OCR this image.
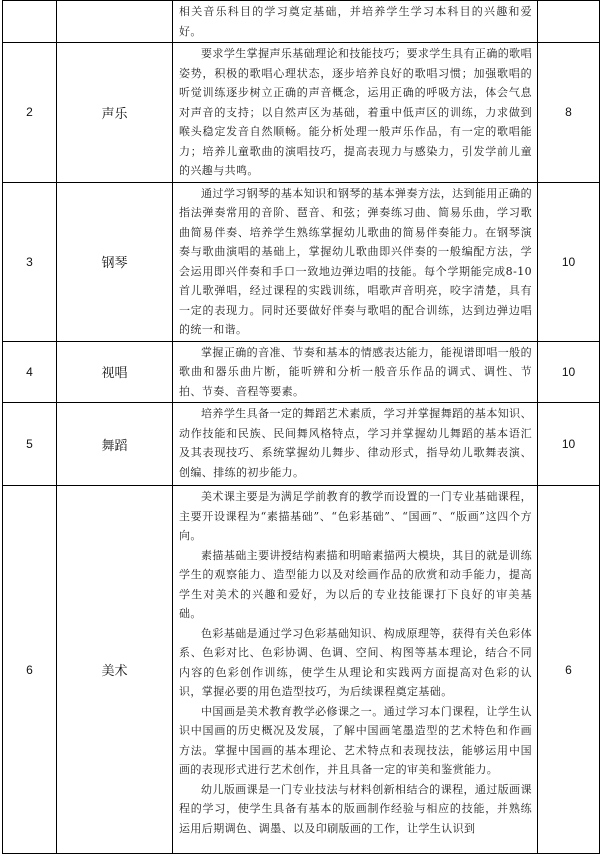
		相关音乐科目的学习奠定基础，并培养学生学习本科目的兴趣和爱好。	

2	声乐	要求学生掌握声乐基础理论和技能技巧；要求学生具有正确的歌唱姿势，积极的歌唱心理状态，逐步培养良好的歌唱习惯；加强歌唱的听觉训练逐步树立正确的声音概念，运用正确的呼吸方法，体会气息对声音的支持；以自然声区为基础，着重中低声区的训练，力求做到喉头稳定发音自然顺畅。能分析处理一般声乐作品，有一定的歌唱能力；培养儿童歌曲的演唱技巧，提高表现力与感染力，引发学前儿童的兴趣与共鸣。	8
3	钢琴	通过学习钢琴的基本知识和钢琴的基本弹奏方法，达到能用正确的指法弹奏常用的音阶、琶音、和弦；弹奏练习曲、简易乐曲，学习歌曲简易伴奏、培养学生熟练掌握幼儿歌曲的简易伴奏能力。在钢琴演奏与歌曲演唱的基础上，掌握幼儿歌曲即兴伴奏的一般编配方法，学会运用即兴伴奏和手口一致地边弹边唱的技能。每个学期能完成8-10首儿歌弹唱，经过课程的实践训练，唱歌声音明亮，咬字清楚，具有一定的表现力。同时还要做好伴奏与歌唱的配合训练，达到边弹边唱的统一和谐。	10
4	视唱	掌握正确的音准、节奏和基本的情感表达能力，能视谱即唱一般的歌曲和器乐曲片断，能听辨和分析一般音乐作品的调式、调性、节拍、节奏、音程等要素。	10
5	舞蹈	培养学生具备一定的舞蹈艺术素质，学习并掌握舞蹈的基本知识、动作技能和民族、民间舞风格特点，学习并掌握幼儿舞蹈的基本语汇及其表现技巧、系统掌握幼儿舞步、律动形式，指导幼儿歌舞表演、创编、排练的初步能力。	10
6	美术	美术课主要是为满足学前教育的教学而设置的一门专业基础课程，主要开设课程为“素描基础”、“色彩基础”、“国画”、“版画”这四个方向。

素描基础主要讲授结构素描和明暗素描两大模块，其目的就是训练学生的观察能力、造型能力以及对绘画作品的欣赏和动手能力，提高学生对美术的兴趣和爱好，为以后的专业技能课打下良好的审美基础。

色彩基础是通过学习色彩基础知识、构成原理等，获得有关色彩体系、色彩对比、色彩协调、色调、空间、构图等基本理论，结合不同内容的色彩创作训练，使学生从理论和实践两方面提高对色彩的认识，掌握必要的用色造型技巧，为后续课程奠定基础。

中国画是美术教育教学必修课之一。通过学习本门课程，让学生认识中国画的历史概况及发展，了解中国画笔墨造型的艺术特色和作画方法。掌握中国画的基本理论、艺术特点和表现技法，能够运用中国画的表现形式进行艺术创作，并且具备一定的审美和鉴赏能力。

幼儿版画课是一门专业技法与材料创新相结合的课程，通过版画课程的学习，使学生具备有基本的版画制作经验与相应的技能，并熟练运用后期调色、调墨、以及印刷版画的工作，让学生认识到	6
